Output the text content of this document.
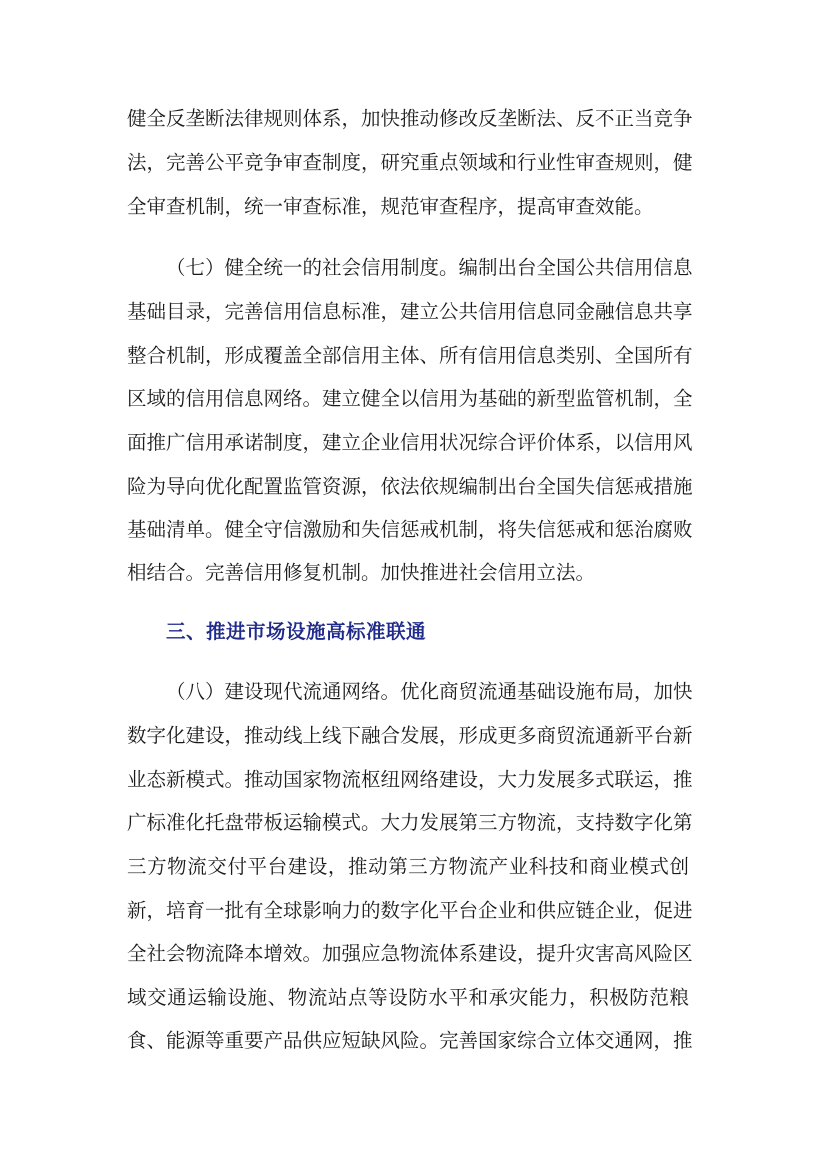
健全反垄断法律规则体系，加快推动修改反垄断法、反不正当竞争
法，完善公平竞争审查制度，研究重点领域和行业性审查规则，健
全审查机制，统一审查标准，规范审查程序，提高审查效能。
（七）健全统一的社会信用制度。编制出台全国公共信用信息
基础目录，完善信用信息标准，建立公共信用信息同金融信息共享
整合机制，形成覆盖全部信用主体、所有信用信息类别、全国所有
区域的信用信息网络。建立健全以信用为基础的新型监管机制，全
面推广信用承诺制度，建立企业信用状况综合评价体系，以信用风
险为导向优化配置监管资源，依法依规编制出台全国失信惩戒措施
基础清单。健全守信激励和失信惩戒机制，将失信惩戒和惩治腐败
相结合。完善信用修复机制。加快推进社会信用立法。
三、推进市场设施高标准联通
（八）建设现代流通网络。优化商贸流通基础设施布局，加快
数字化建设，推动线上线下融合发展，形成更多商贸流通新平台新
业态新模式。推动国家物流枢纽网络建设，大力发展多式联运，推
广标准化托盘带板运输模式。大力发展第三方物流，支持数字化第
三方物流交付平台建设，推动第三方物流产业科技和商业模式创
新，培育一批有全球影响力的数字化平台企业和供应链企业，促进
全社会物流降本增效。加强应急物流体系建设，提升灾害高风险区
域交通运输设施、物流站点等设防水平和承灾能力，积极防范粮
食、能源等重要产品供应短缺风险。完善国家综合立体交通网，推
